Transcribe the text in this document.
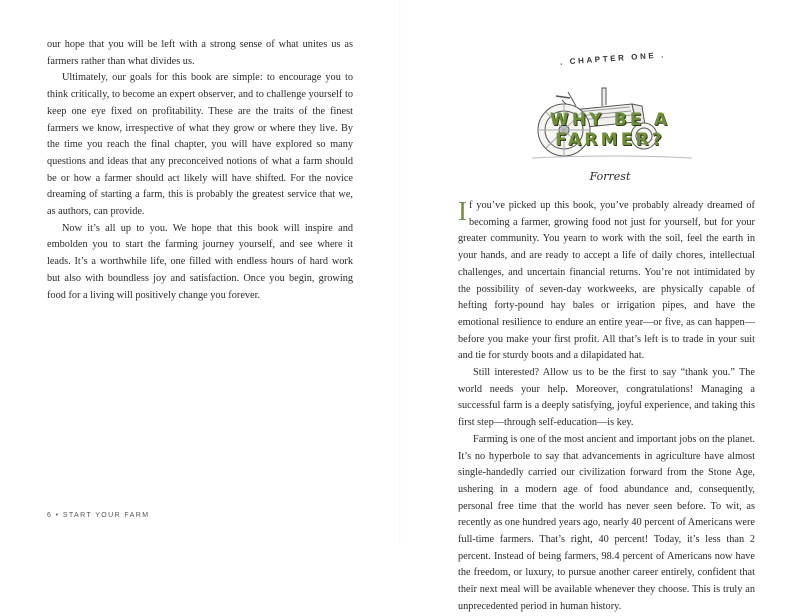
our hope that you will be left with a strong sense of what unites us as farmers rather than what divides us.

Ultimately, our goals for this book are simple: to encourage you to think critically, to become an expert observer, and to challenge yourself to keep one eye fixed on profitability. These are the traits of the finest farmers we know, irrespective of what they grow or where they live. By the time you reach the final chapter, you will have explored so many questions and ideas that any preconceived notions of what a farm should be or how a farmer should act likely will have shifted. For the novice dreaming of starting a farm, this is probably the greatest service that we, as authors, can provide.

Now it’s all up to you. We hope that this book will inspire and embolden you to start the farming journey yourself, and see where it leads. It’s a worthwhile life, one filled with endless hours of hard work but also with boundless joy and satisfaction. Once you begin, growing food for a living will positively change you forever.

6 • START YOUR FARM
. CHAPTER ONE .
WHY BE A FARMER?
Forrest

If you’ve picked up this book, you’ve probably already dreamed of becoming a farmer, growing food not just for yourself, but for your greater community. You yearn to work with the soil, feel the earth in your hands, and are ready to accept a life of daily chores, intellectual challenges, and uncertain financial returns. You’re not intimidated by the possibility of seven-day workweeks, are physically capable of hefting forty-pound hay bales or irrigation pipes, and have the emotional resilience to endure an entire year—or five, as can happen—before you make your first profit. All that’s left is to trade in your suit and tie for sturdy boots and a dilapidated hat.

Still interested? Allow us to be the first to say “thank you.” The world needs your help. Moreover, congratulations! Managing a successful farm is a deeply satisfying, joyful experience, and taking this first step—through self-education—is key.

Farming is one of the most ancient and important jobs on the planet. It’s no hyperbole to say that advancements in agriculture have almost single-handedly carried our civilization forward from the Stone Age, ushering in a modern age of food abundance and, consequently, personal free time that the world has never seen before. To wit, as recently as one hundred years ago, nearly 40 percent of Americans were full-time farmers. That’s right, 40 percent! Today, it’s less than 2 percent. Instead of being farmers, 98.4 percent of Americans now have the freedom, or luxury, to pursue another career entirely, confident that their next meal will be available whenever they choose. This is truly an unprecedented period in human history.
